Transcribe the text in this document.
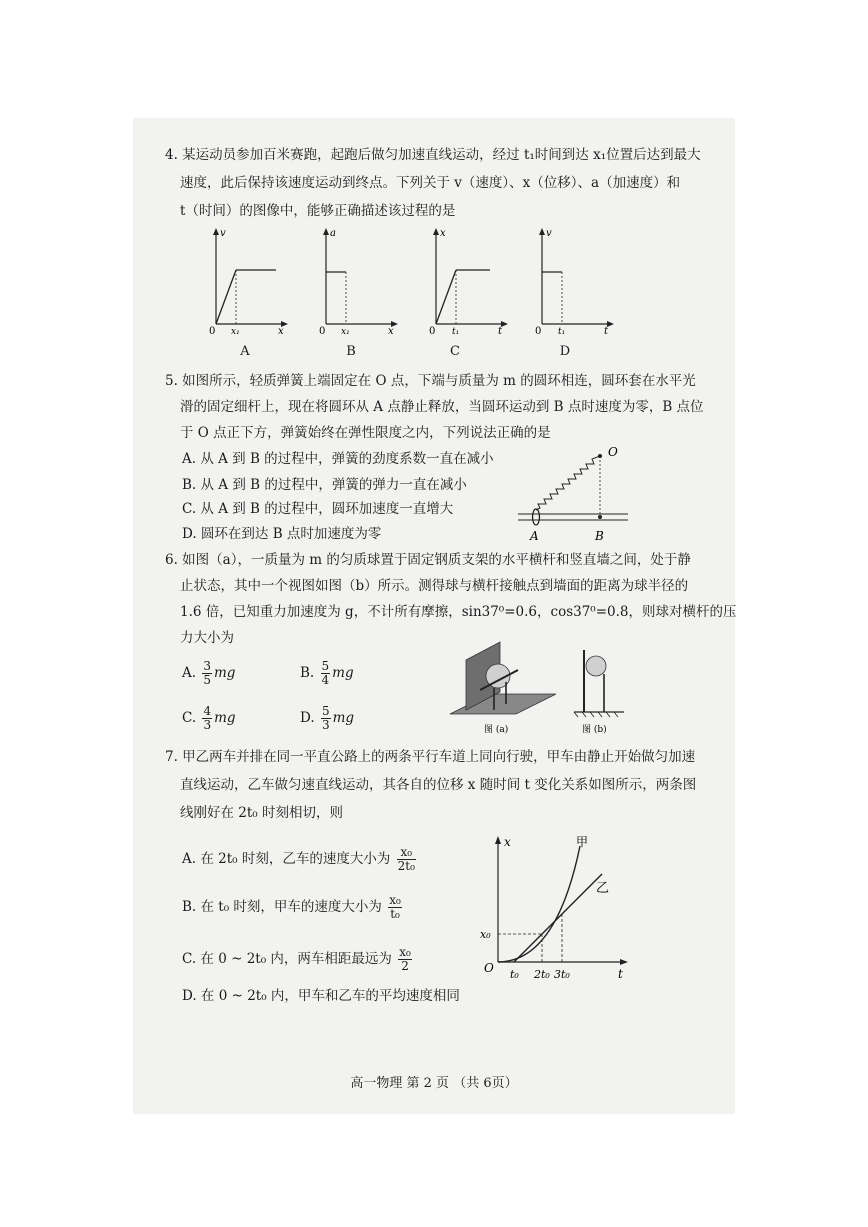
4. 某运动员参加百米赛跑，起跑后做匀加速直线运动，经过 t₁时间到达 x₁位置后达到最大
速度，此后保持该速度运动到终点。下列关于 v（速度）、x（位移）、a（加速度）和
t（时间）的图像中，能够正确描述该过程的是
v
x
0 x₁
A
a
x
0 x₁
B
x
t
0 t₁
C
v
t
0 t₁
D
5. 如图所示，轻质弹簧上端固定在 O 点，下端与质量为 m 的圆环相连，圆环套在水平光
滑的固定细杆上，现在将圆环从 A 点静止释放，当圆环运动到 B 点时速度为零，B 点位
于 O 点正下方，弹簧始终在弹性限度之内，下列说法正确的是
A. 从 A 到 B 的过程中，弹簧的劲度系数一直在减小
B. 从 A 到 B 的过程中，弹簧的弹力一直在减小
C. 从 A 到 B 的过程中，圆环加速度一直增大
D. 圆环在到达 B 点时加速度为零
O
A	B
6. 如图（a），一质量为 m 的匀质球置于固定钢质支架的水平横杆和竖直墙之间，处于静
止状态，其中一个视图如图（b）所示。测得球与横杆接触点到墙面的距离为球半径的
1.6 倍，已知重力加速度为 g，不计所有摩擦，sin37⁰=0.6，cos37⁰=0.8，则球对横杆的压
力大小为
A. $\frac{3}{5}$ mg	B. $\frac{5}{4}$ mg
C. $\frac{4}{3}$ mg	D. $\frac{5}{3}$ mg
图 (a)	图 (b)
7. 甲乙两车并排在同一平直公路上的两条平行车道上同向行驶，甲车由静止开始做匀加速
直线运动，乙车做匀速直线运动，其各自的位移 x 随时间 t 变化关系如图所示，两条图
线刚好在 2t₀ 时刻相切，则
A. 在 2t₀ 时刻，乙车的速度大小为 $\frac{\text{x₀}}{\text{2t₀}}$
B. 在 t₀ 时刻，甲车的速度大小为 $\frac{\text{x₀}}{\text{t₀}}$
C. 在 0 ~ 2t₀ 内，两车相距最远为 $\frac{\text{x₀}}{2}$
D. 在 0 ~ 2t₀ 内，甲车和乙车的平均速度相同
x
t
O
x₀
t₀ 2t₀ 3t₀
甲
乙
高一物理 第 2 页 （共 6页）
